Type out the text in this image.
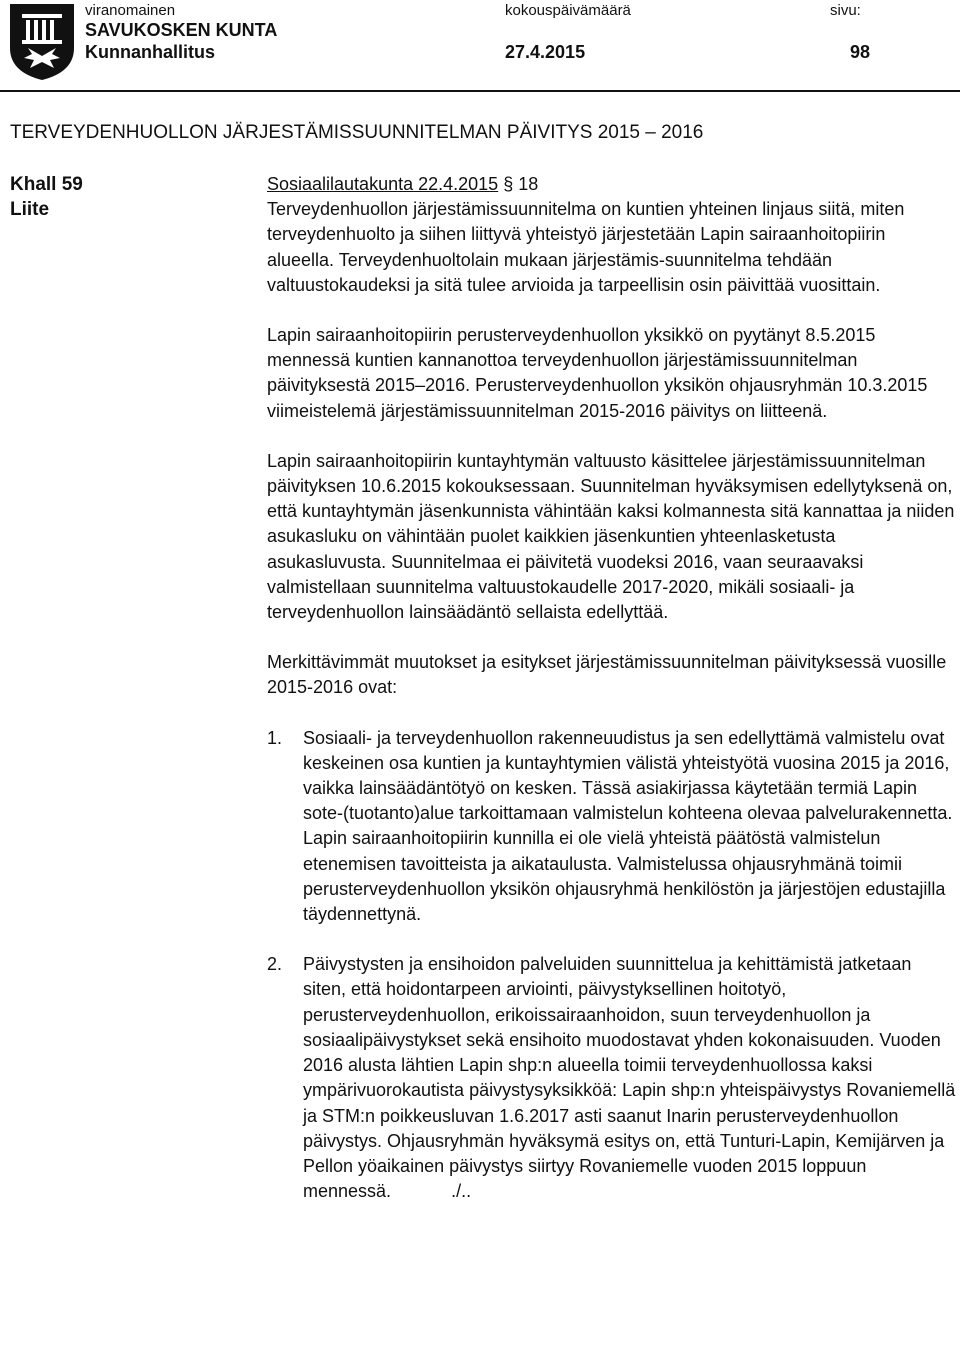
viranomainen	kokouspäivämäärä	sivu:
SAVUKOSKEN KUNTA
Kunnanhallitus	27.4.2015	98
TERVEYDENHUOLLON JÄRJESTÄMISSUUNNITELMAN PÄIVITYS 2015 – 2016
Khall 59
Liite
Sosiaalilautakunta 22.4.2015 § 18

Terveydenhuollon järjestämissuunnitelma on kuntien yhteinen linjaus siitä, miten terveydenhuolto ja siihen liittyvä yhteistyö järjestetään Lapin sairaanhoitopiirin alueella. Terveydenhuoltolain mukaan järjestämis-suunnitelma tehdään valtuustokaudeksi ja sitä tulee arvioida ja tarpeellisin osin päivittää vuosittain.

Lapin sairaanhoitopiirin perusterveydenhuollon yksikkö on pyytänyt 8.5.2015 mennessä kuntien kannanottoa terveydenhuollon järjestämissuunnitelman päivityksestä 2015–2016. Perusterveydenhuollon yksikön ohjausryhmän 10.3.2015 viimeistelemä järjestämissuunnitelman 2015-2016 päivitys on liitteenä.

Lapin sairaanhoitopiirin kuntayhtymän valtuusto käsittelee järjestämissuunnitelman päivityksen 10.6.2015 kokouksessaan. Suunnitelman hyväksymisen edellytyksenä on, että kuntayhtymän jäsenkunnista vähintään kaksi kolmannesta sitä kannattaa ja niiden asukasluku on vähintään puolet kaikkien jäsenkuntien yhteenlasketusta asukasluvusta. Suunnitelmaa ei päivitetä vuodeksi 2016, vaan seuraavaksi valmistellaan suunnitelma valtuustokaudelle 2017-2020, mikäli sosiaali- ja terveydenhuollon lainsäädäntö sellaista edellyttää.

Merkittävimmät muutokset ja esitykset järjestämissuunnitelman päivityksessä vuosille 2015-2016 ovat:

1. Sosiaali- ja terveydenhuollon rakenneuudistus ja sen edellyttämä valmistelu ovat keskeinen osa kuntien ja kuntayhtymien välistä yhteistyötä vuosina 2015 ja 2016, vaikka lainsäädäntötyö on kesken. Tässä asiakirjassa käytetään termiä Lapin sote-(tuotanto)alue tarkoittamaan valmistelun kohteena olevaa palvelurakennetta. Lapin sairaanhoitopiirin kunnilla ei ole vielä yhteistä päätöstä valmistelun etenemisen tavoitteista ja aikataulusta. Valmistelussa ohjausryhmänä toimii perusterveydenhuollon yksikön ohjausryhmä henkilöstön ja järjestöjen edustajilla täydennettynä.
2. Päivystysten ja ensihoidon palveluiden suunnittelua ja kehittämistä jatketaan siten, että hoidontarpeen arviointi, päivystyksellinen hoitotyö, perusterveydenhuollon, erikoissairaanhoidon, suun terveydenhuollon ja sosiaalipäivystykset sekä ensihoito muodostavat yhden kokonaisuuden. Vuoden 2016 alusta lähtien Lapin shp:n alueella toimii terveydenhuollossa kaksi ympärivuorokautista päivystysyksikköä: Lapin shp:n yhteispäivystys Rovaniemellä ja STM:n poikkeusluvan 1.6.2017 asti saanut Inarin perusterveydenhuollon päivystys. Ohjausryhmän hyväksymä esitys on, että Tunturi-Lapin, Kemijärven ja Pellon yöaikainen päivystys siirtyy Rovaniemelle vuoden 2015 loppuun mennessä.	./..
